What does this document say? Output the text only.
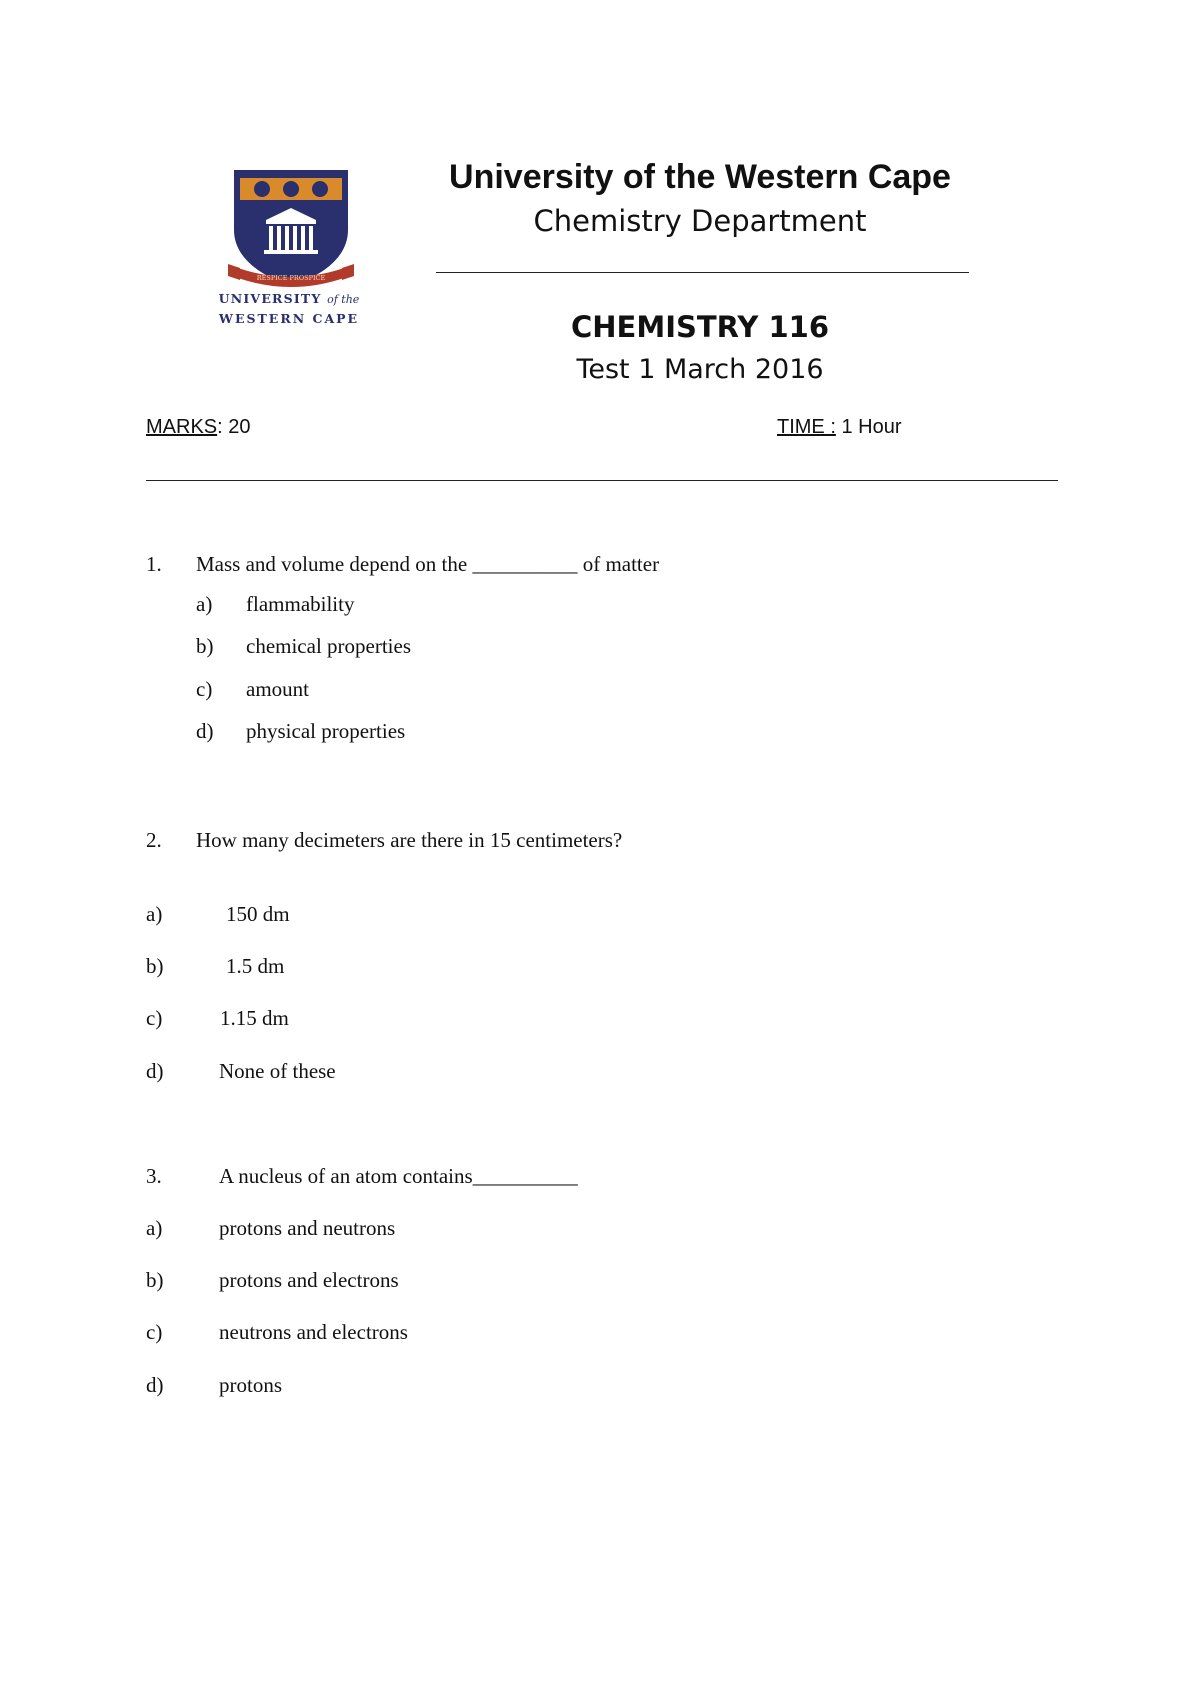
RESPICE PROSPICE
UNIVERSITY of the
WESTERN CAPE
University of the Western Cape
Chemistry Department
CHEMISTRY 116
Test 1 March 2016
MARKS: 20	TIME : 1 Hour
1. Mass and volume depend on the __________ of matter
a) flammability
b) chemical properties
c) amount
d) physical properties
2. How many decimeters are there in 15 centimeters?
a)	150 dm
b)	1.5 dm
c)	1.15 dm
d)	None of these
3.	A nucleus of an atom contains__________
a)	protons and neutrons
b)	protons and electrons
c)	neutrons and electrons
d)	protons
